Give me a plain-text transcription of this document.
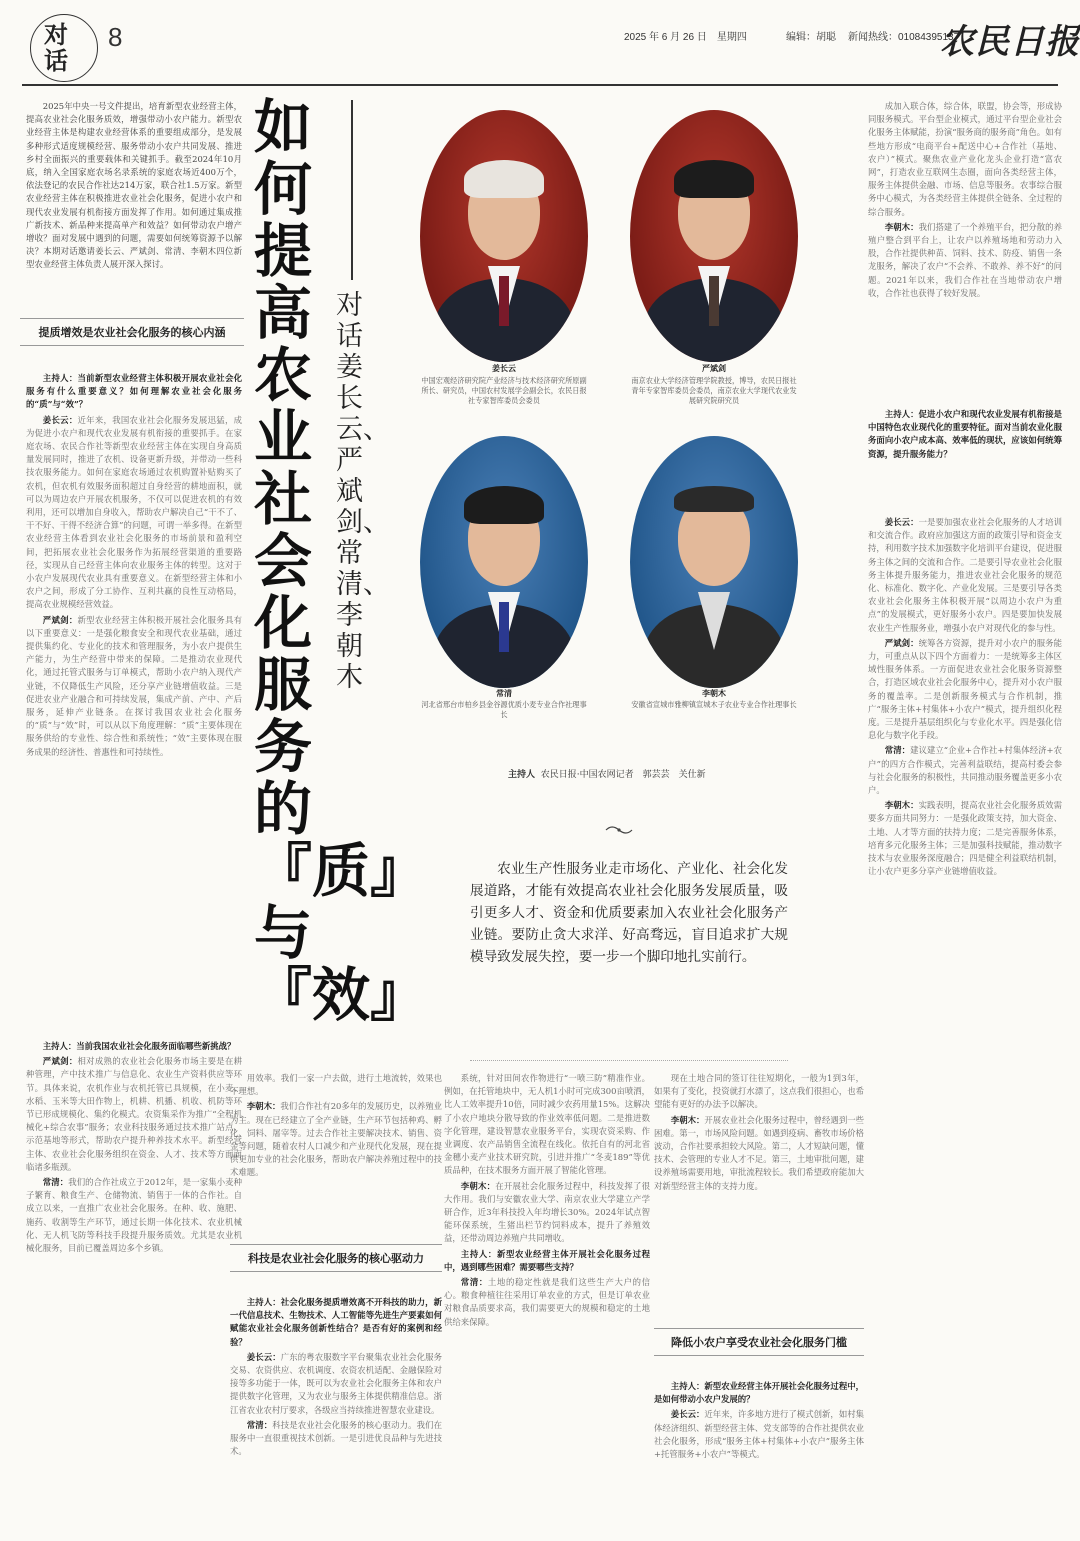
对话
8	2025 年 6 月 26 日　星期四	编辑：胡聪 新闻热线：01084395137
农民日报
如何提高农业社会化服务的『质』与『效』
对话姜长云、严斌剑、常清、李朝木

2025年中央一号文件提出，培育新型农业经营主体，提高农业社会化服务质效，增强带动小农户能力。新型农业经营主体是构建农业经营体系的重要组成部分，是发展多种形式适度规模经营、服务带动小农户共同发展、推进乡村全面振兴的重要载体和关键抓手。截至2024年10月底，纳入全国家庭农场名录系统的家庭农场近400万个，依法登记的农民合作社达214万家，联合社1.5万家。新型农业经营主体在积极推进农业社会化服务，促进小农户和现代农业发展有机衔接方面发挥了作用。如何通过集成推广新技术、新品种来提高单产和效益？如何带动农户增产增收？面对发展中遇到的问题，需要如何统筹资源予以解决？本期对话邀请姜长云、严斌剑、常清、李朝木四位新型农业经营主体负责人展开深入探讨。

提质增效是农业社会化服务的核心内涵

主持人：当前新型农业经营主体积极开展农业社会化服务有什么重要意义？如何理解农业社会化服务的“质”与“效”？

姜长云：近年来，我国农业社会化服务发展迅猛，成为促进小农户和现代农业发展有机衔接的重要抓手。在家庭农场、农民合作社等新型农业经营主体在实现自身高质量发展同时，推进了农机、设备更新升级，并带动一些科技农服务能力。如何在家庭农场通过农机购置补贴购买了农机，但农机有效服务面积超过自身经营的耕地面积，就可以为周边农户开展农机服务，不仅可以促进农机的有效利用，还可以增加自身收入，帮助农户解决自己“干不了、干不好、干得不经济合算”的问题，可谓一举多得。在新型农业经营主体看到农业社会化服务的市场前景和盈利空间，把拓展农业社会化服务作为拓展经营渠道的重要路径，实现从自己经营主体向农业服务主体的转型。这对于小农户发展现代农业具有重要意义。在新型经营主体和小农户之间，形成了分工协作、互利共赢的良性互动格局，提高农业规模经营效益。

严斌剑：新型农业经营主体积极开展社会化服务具有以下重要意义：一是强化粮食安全和现代农业基础，通过提供集约化、专业化的技术和管理服务，为小农户提供生产能力，为生产经营中带来的保障。二是推动农业现代化，通过托管式服务与订单模式，帮助小农户纳入现代产业链，不仅降低生产风险，还分享产业链增值收益。三是促进农业产业融合和可持续发展，集成产前、产中、产后服务，延伸产业链条。在探讨我国农业社会化服务的“质”与“效”时，可以从以下角度理解：“质”主要体现在服务供给的专业性、综合性和系统性；“效”主要体现在服务成果的经济性、普惠性和可持续性。

姜长云
中国宏观经济研究院产业经济与技术经济研究所原副所长、研究员，中国农村发展学会副会长，农民日报社专家智库委员会委员
严斌剑
南京农业大学经济管理学院教授，博导，农民日报社青年专家智库委员会委员，南京农业大学现代农业发展研究院研究员
常清
河北省邢台市柏乡县金谷源优质小麦专业合作社理事长
李朝木
安徽省宣城市雅柳镇宣城木子农业专业合作社理事长
主持人 农民日报·中国农网记者　郭芸芸　关仕新
农业生产性服务业走市场化、产业化、社会化发展道路，才能有效提高农业社会化服务发展质量，吸引更多人才、资金和优质要素加入农业社会化服务产业链。要防止贪大求洋、好高骛远，盲目追求扩大规模导致发展失控，要一步一个脚印地扎实前行。

主持人：当前我国农业社会化服务面临哪些新挑战？

严斌剑：相对成熟的农业社会化服务市场主要是在耕种管理，产中技术推广与信息化、农业生产资料供应等环节。具体来说，农机作业与农机托管已具规模，在小麦、水稻、玉米等大田作物上，机耕、机播、机收、机防等环节已形成规模化、集约化模式。农资集采作为推广“全程机械化+综合农事”服务；农业科技服务通过技术推广站点、示范基地等形式，帮助农户提升种养技术水平。新型经营主体、农业社会化服务组织在资金、人才、技术等方面面临诸多瓶颈。

常清：我们的合作社成立于2012年，是一家集小麦种子繁育、粮食生产、仓储物流、销售于一体的合作社。自成立以来，一直推广农业社会化服务。在种、收、施肥、施药、收割等生产环节，通过长期一体化技术、农业机械化、无人机飞防等科技手段提升服务质效。尤其是农业机械化服务，目前已覆盖周边多个乡镇。

用效率。我们一家一户去做，进行土地流转，效果也不理想。

李朝木：我们合作社有20多年的发展历史，以养殖业为主。现在已经建立了全产业链，生产环节包括种鸡、孵化、饲料、屠宰等。过去合作社主要解决技术、销售、资金等问题，随着农村人口减少和产业现代化发展，现在提供更加专业的社会化服务，帮助农户解决养殖过程中的技术难题。

科技是农业社会化服务的核心驱动力

主持人：社会化服务提质增效离不开科技的助力，新一代信息技术、生物技术、人工智能等先进生产要素如何赋能农业社会化服务创新性结合？是否有好的案例和经验？

姜长云：广东的粤农服数字平台聚集农业社会化服务交易、农资供应、农机调度、农资农机适配、金融保险对接等多功能于一体，既可以为农业社会化服务主体和农户提供数字化管理，又为农业与服务主体提供精准信息。浙江省农业农村厅要求，各级应当持续推进智慧农业建设。

常清：科技是农业社会化服务的核心驱动力。我们在服务中一直很重视技术创新。一是引进优良品种与先进技术。

系统，针对田间农作物进行“一喷三防”精准作业。例如，在托管地块中，无人机1小时可完成300亩喷洒，比人工效率提升10倍，同时减少农药用量15%。这解决了小农户地块分散导致的作业效率低问题。二是推进数字化管理，建设智慧农业服务平台，实现农资采购、作业调度、农产品销售全流程在线化。依托自有的河北省金穗小麦产业技术研究院，引进并推广“冬麦189”等优质品种，在技术服务方面开展了智能化管理。

李朝木：在开展社会化服务过程中，科技发挥了很大作用。我们与安徽农业大学、南京农业大学建立产学研合作，近3年科技投入年均增长30%。2024年试点智能环保系统，生猪出栏节约饲料成本，提升了养殖效益，还带动周边养殖户共同增收。

主持人：新型农业经营主体开展社会化服务过程中，遇到哪些困难？需要哪些支持？

常清：土地的稳定性就是我们这些生产大户的信心。粮食种植往往采用订单农业的方式，但是订单农业对粮食品质要求高，我们需要更大的规模和稳定的土地供给来保障。

现在土地合同的签订往往短期化，一般为1到3年，如果有了变化，投资就打水漂了，这点我们很担心，也希望能有更好的办法予以解决。

李朝木：开展农业社会化服务过程中，曾经遇到一些困难。第一，市场风险问题。如遇到疫病、畜牧市场价格波动，合作社要承担较大风险。第二，人才短缺问题，懂技术、会管理的专业人才不足。第三，土地审批问题，建设养殖场需要用地，审批流程较长。我们希望政府能加大对新型经营主体的支持力度。

降低小农户享受农业社会化服务门槛

主持人：新型农业经营主体开展社会化服务过程中，是如何带动小农户发展的？

姜长云：近年来，许多地方进行了模式创新，如村集体经济组织、新型经营主体、党支部等的合作社提供农业社会化服务，形成“服务主体+村集体+小农户”服务主体+托管服务+小农户”等模式。

成加入联合体，综合体，联盟，协会等，形成协同服务模式。平台型企业模式，通过平台型企业社会化服务主体赋能，扮演“服务商的服务商”角色。如有些地方形成“电商平台+配送中心+合作社（基地、农户）”模式。聚焦农业产业化龙头企业打造“富农网”，打造农业互联网生态圈，面向各类经营主体，服务主体提供金融、市场、信息等服务。农事综合服务中心模式，为各类经营主体提供全链条、全过程的综合服务。

李朝木：我们搭建了一个养殖平台，把分散的养殖户整合到平台上，让农户以养殖场地和劳动力入股，合作社提供种苗、饲料、技术、防疫、销售一条龙服务，解决了农户“不会养、不敢养、养不好”的问题。2021年以来，我们合作社在当地带动农户增收，合作社也获得了较好发展。

主持人：促进小农户和现代农业发展有机衔接是中国特色农业现代化的重要特征。面对当前农业化服务面向小农户成本高、效率低的现状，应该如何统筹资源，提升服务能力？

姜长云：一是要加强农业社会化服务的人才培训和交流合作。政府应加强这方面的政策引导和资金支持，利用数字技术加强数字化培训平台建设，促进服务主体之间的交流和合作。二是要引导农业社会化服务主体提升服务能力，推进农业社会化服务的规范化、标准化、数字化、产业化发展。三是要引导各类农业社会化服务主体积极开展“以周边小农户为重点”的发展模式，更好服务小农户。四是要加快发展农业生产性服务业，增强小农户对现代化的参与性。

严斌剑：统筹各方资源，提升对小农户的服务能力，可重点从以下四个方面着力：一是统筹多主体区域性服务体系。一方面促进农业社会化服务资源整合，打造区域农业社会化服务中心，提升对小农户服务的覆盖率。二是创新服务模式与合作机制，推广“服务主体+村集体+小农户”模式，提升组织化程度。三是提升基层组织化与专业化水平。四是强化信息化与数字化手段。

常清：建议建立“企业+合作社+村集体经济+农户”的四方合作模式，完善利益联结，提高村委会参与社会化服务的积极性，共同推动服务覆盖更多小农户。

李朝木：实践表明，提高农业社会化服务质效需要多方面共同努力：一是强化政策支持，加大资金、土地、人才等方面的扶持力度；二是完善服务体系，培育多元化服务主体；三是加强科技赋能，推动数字技术与农业服务深度融合；四是健全利益联结机制，让小农户更多分享产业链增值收益。
